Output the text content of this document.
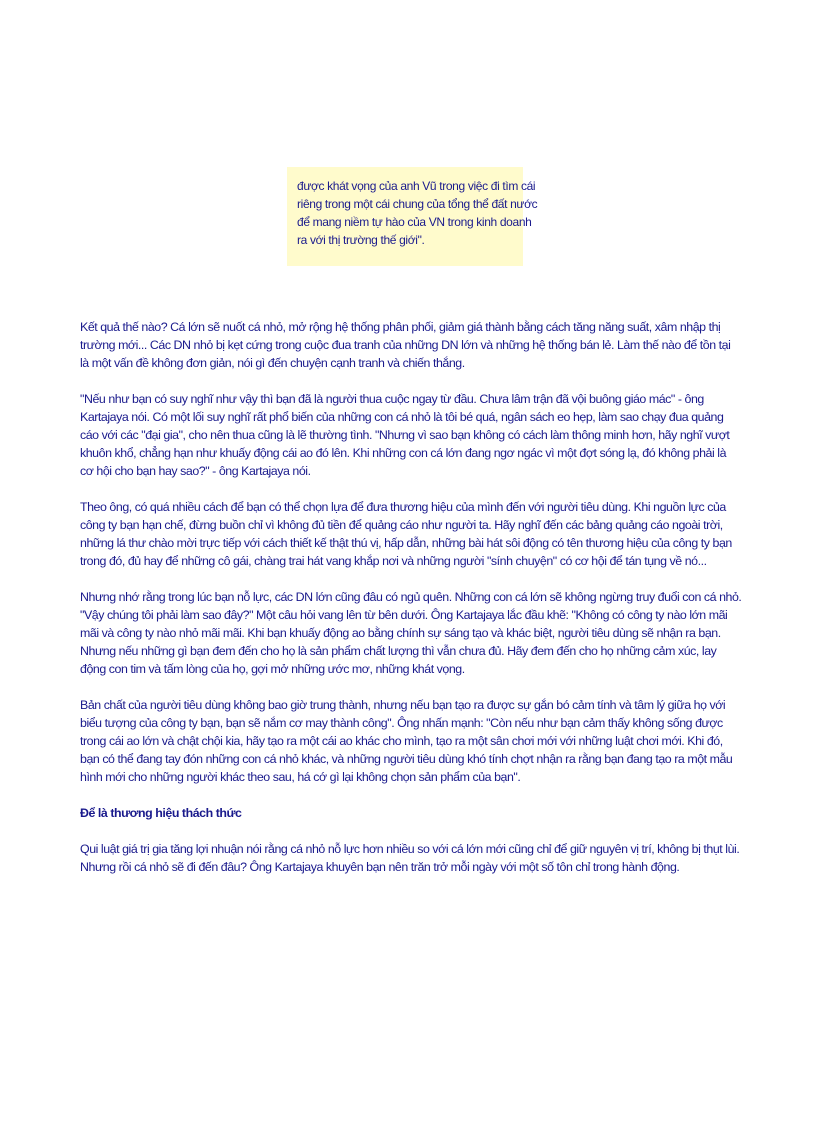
được khát vọng của anh Vũ trong việc đi tìm cái
riêng trong một cái chung của tổng thể đất nước
để mang niềm tự hào của VN trong kinh doanh
ra với thị trường thế giới".

Kết quả thế nào? Cá lớn sẽ nuốt cá nhỏ, mở rộng hệ thống phân phối, giảm giá thành bằng cách tăng năng suất, xâm nhập thị trường mới... Các DN nhỏ bị kẹt cứng trong cuộc đua tranh của những DN lớn và những hệ thống bán lẻ. Làm thế nào để tồn tại là một vấn đề không đơn giản, nói gì đến chuyện cạnh tranh và chiến thắng.

"Nếu như bạn có suy nghĩ như vậy thì bạn đã là người thua cuộc ngay từ đầu. Chưa lâm trận đã vội buông giáo mác" - ông Kartajaya nói. Có một lối suy nghĩ rất phổ biến của những con cá nhỏ là tôi bé quá, ngân sách eo hẹp, làm sao chạy đua quảng cáo với các "đại gia", cho nên thua cũng là lẽ thường tình. "Nhưng vì sao bạn không có cách làm thông minh hơn, hãy nghĩ vượt khuôn khổ, chẳng hạn như khuấy động cái ao đó lên. Khi những con cá lớn đang ngơ ngác vì một đợt sóng lạ, đó không phải là cơ hội cho bạn hay sao?" - ông Kartajaya nói.

Theo ông, có quá nhiều cách để bạn có thể chọn lựa để đưa thương hiệu của mình đến với người tiêu dùng. Khi nguồn lực của công ty bạn hạn chế, đừng buồn chỉ vì không đủ tiền để quảng cáo như người ta. Hãy nghĩ đến các bảng quảng cáo ngoài trời, những lá thư chào mời trực tiếp với cách thiết kế thật thú vị, hấp dẫn, những bài hát sôi động có tên thương hiệu của công ty bạn trong đó, đủ hay để những cô gái, chàng trai hát vang khắp nơi và những người "sính chuyện" có cơ hội để tán tụng về nó...

Nhưng nhớ rằng trong lúc bạn nỗ lực, các DN lớn cũng đâu có ngủ quên. Những con cá lớn sẽ không ngừng truy đuổi con cá nhỏ. "Vậy chúng tôi phải làm sao đây?" Một câu hỏi vang lên từ bên dưới. Ông Kartajaya lắc đầu khẽ: "Không có công ty nào lớn mãi mãi và công ty nào nhỏ mãi mãi. Khi bạn khuấy động ao bằng chính sự sáng tạo và khác biệt, người tiêu dùng sẽ nhận ra bạn. Nhưng nếu những gì bạn đem đến cho họ là sản phẩm chất lượng thì vẫn chưa đủ. Hãy đem đến cho họ những cảm xúc, lay động con tim và tấm lòng của họ, gợi mở những ước mơ, những khát vọng.

Bản chất của người tiêu dùng không bao giờ trung thành, nhưng nếu bạn tạo ra được sự gắn bó cảm tính và tâm lý giữa họ với biểu tượng của công ty bạn, bạn sẽ nắm cơ may thành công". Ông nhấn mạnh: "Còn nếu như bạn cảm thấy không sống được trong cái ao lớn và chật chội kia, hãy tạo ra một cái ao khác cho mình, tạo ra một sân chơi mới với những luật chơi mới. Khi đó, bạn có thể đang tay đón những con cá nhỏ khác, và những người tiêu dùng khó tính chợt nhận ra rằng bạn đang tạo ra một mẫu hình mới cho những người khác theo sau, há cớ gì lại không chọn sản phẩm của bạn".

Để là thương hiệu thách thức

Qui luật giá trị gia tăng lợi nhuận nói rằng cá nhỏ nỗ lực hơn nhiều so với cá lớn mới cũng chỉ để giữ nguyên vị trí, không bị thụt lùi. Nhưng rồi cá nhỏ sẽ đi đến đâu? Ông Kartajaya khuyên bạn nên trăn trở mỗi ngày với một số tôn chỉ trong hành động.
